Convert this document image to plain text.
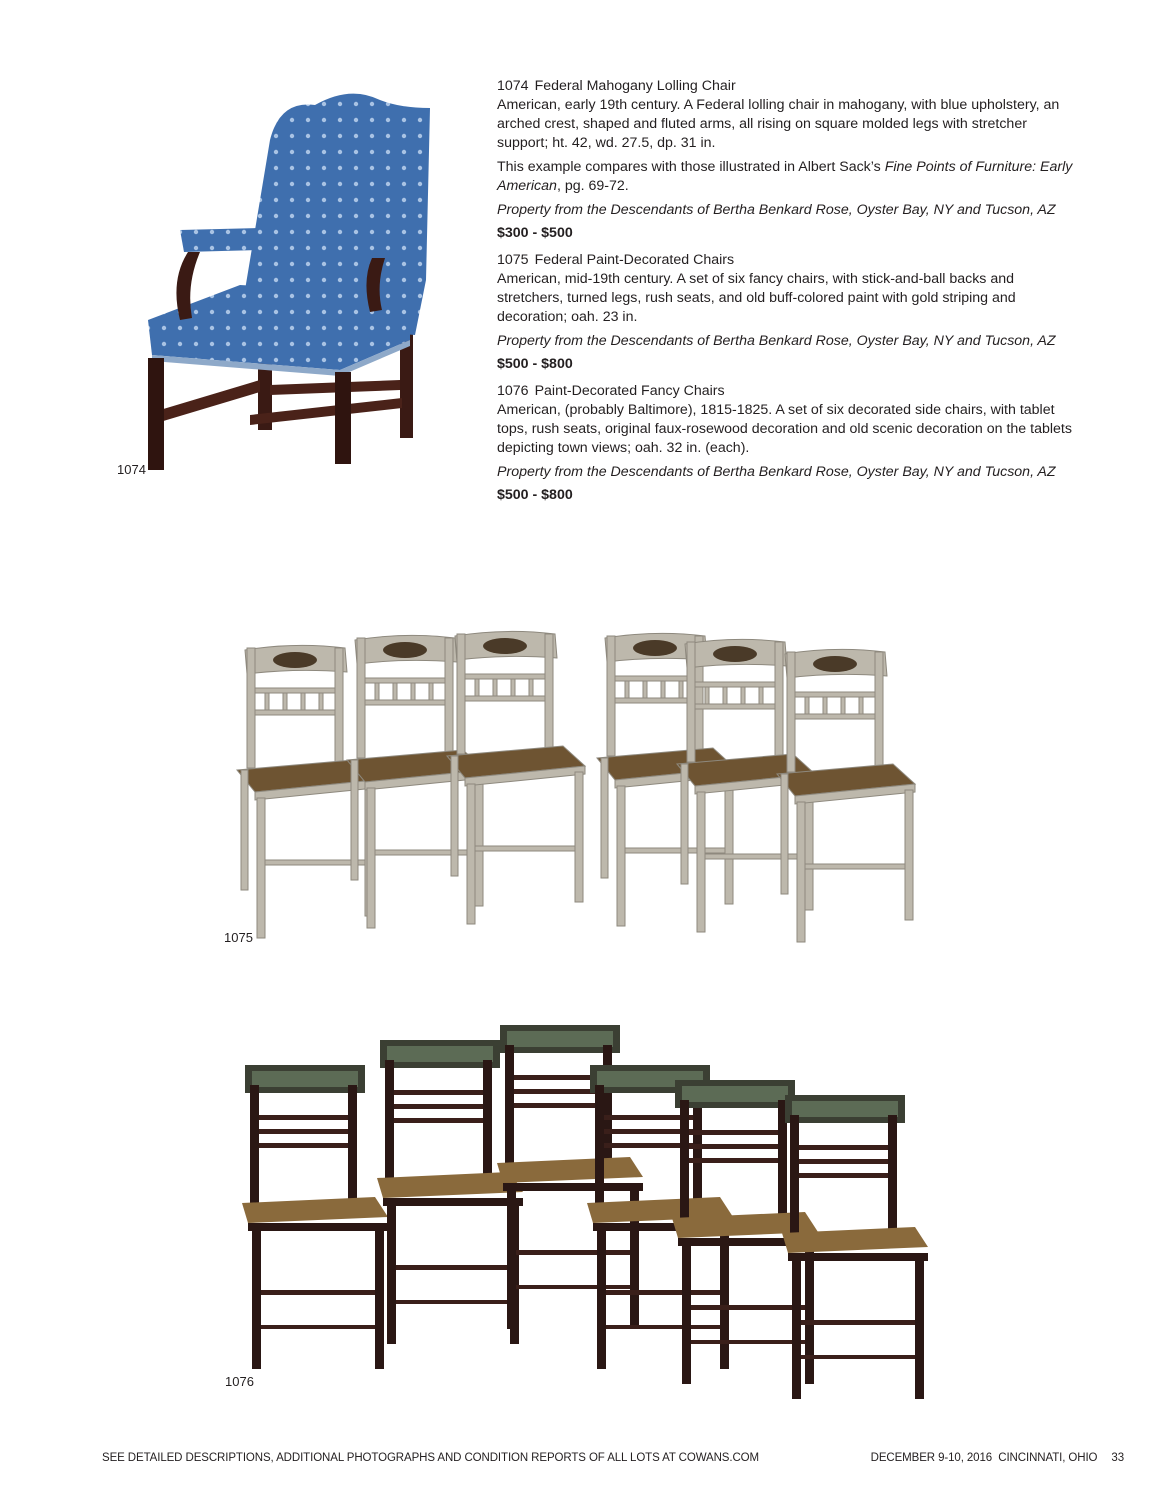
1074
1074 Federal Mahogany Lolling Chair

American, early 19th century. A Federal lolling chair in mahogany, with blue upholstery, an arched crest, shaped and fluted arms, all rising on square molded legs with stretcher support; ht. 42, wd. 27.5, dp. 31 in.

This example compares with those illustrated in Albert Sack’s Fine Points of Furniture: Early American, pg. 69-72.

Property from the Descendants of Bertha Benkard Rose, Oyster Bay, NY and Tucson, AZ

$300 - $500

1075 Federal Paint-Decorated Chairs

American, mid-19th century. A set of six fancy chairs, with stick-and-ball backs and stretchers, turned legs, rush seats, and old buff-colored paint with gold striping and decoration; oah. 23 in.

Property from the Descendants of Bertha Benkard Rose, Oyster Bay, NY and Tucson, AZ

$500 - $800

1076 Paint-Decorated Fancy Chairs

American, (probably Baltimore), 1815-1825. A set of six decorated side chairs, with tablet tops, rush seats, original faux-rosewood decoration and old scenic decoration on the tablets depicting town views; oah. 32 in. (each).

Property from the Descendants of Bertha Benkard Rose, Oyster Bay, NY and Tucson, AZ

$500 - $800

1075
1076
SEE DETAILED DESCRIPTIONS, ADDITIONAL PHOTOGRAPHS AND CONDITION REPORTS OF ALL LOTS AT COWANS.COM	DECEMBER 9-10, 2016  CINCINNATI, OHIO 33
